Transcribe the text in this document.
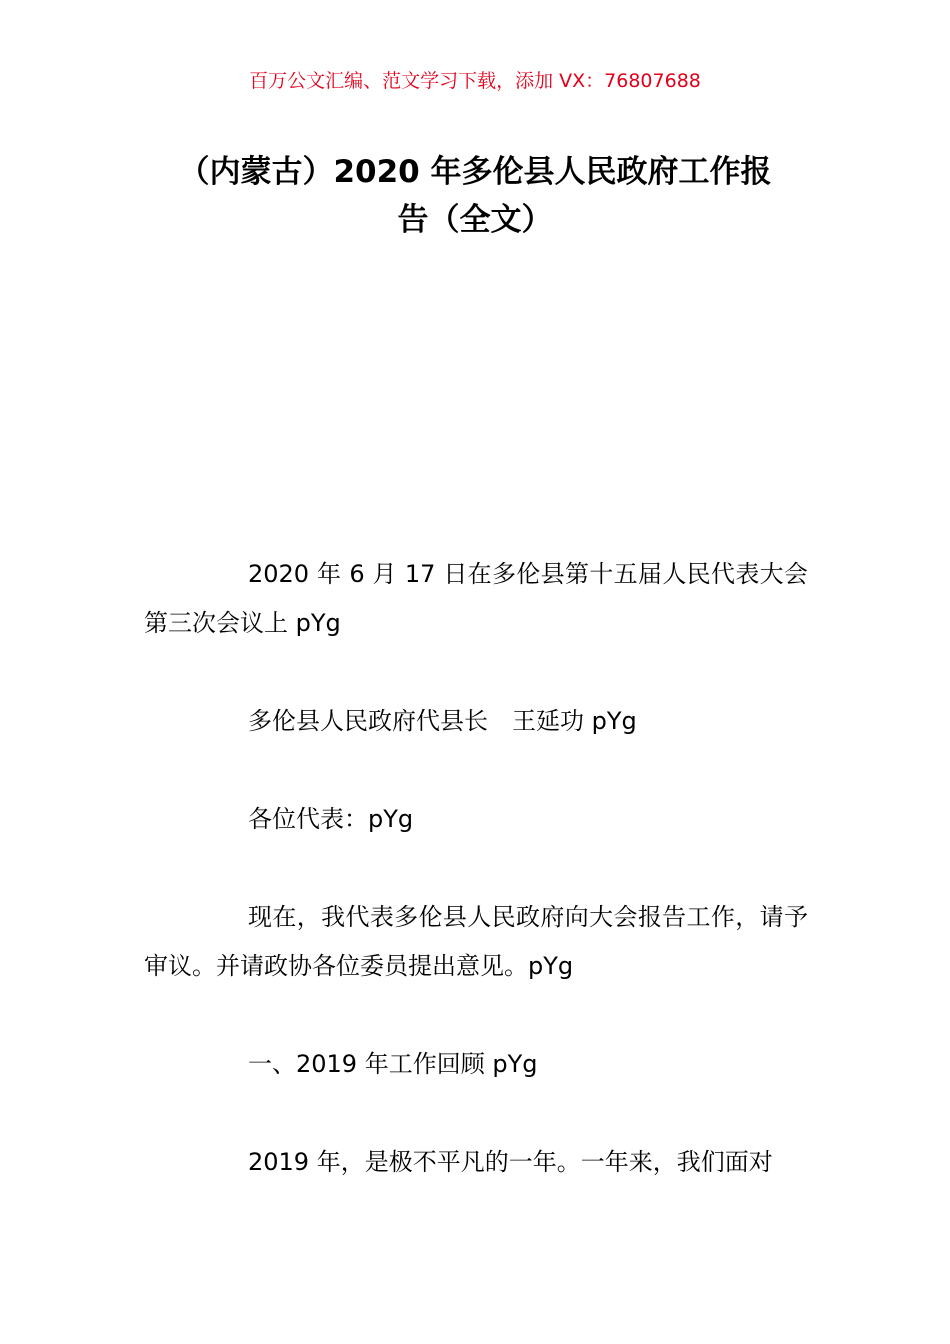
百万公文汇编、范文学习下载，添加 VX：76807688
（内蒙古）2020 年多伦县人民政府工作报
告（全文）

2020 年 6 月 17 日在多伦县第十五届人民代表大会第三次会议上 pYg

多伦县人民政府代县长　王延功 pYg

各位代表：pYg

现在，我代表多伦县人民政府向大会报告工作，请予审议。并请政协各位委员提出意见。pYg

一、2019 年工作回顾 pYg

2019 年，是极不平凡的一年。一年来，我们面对
